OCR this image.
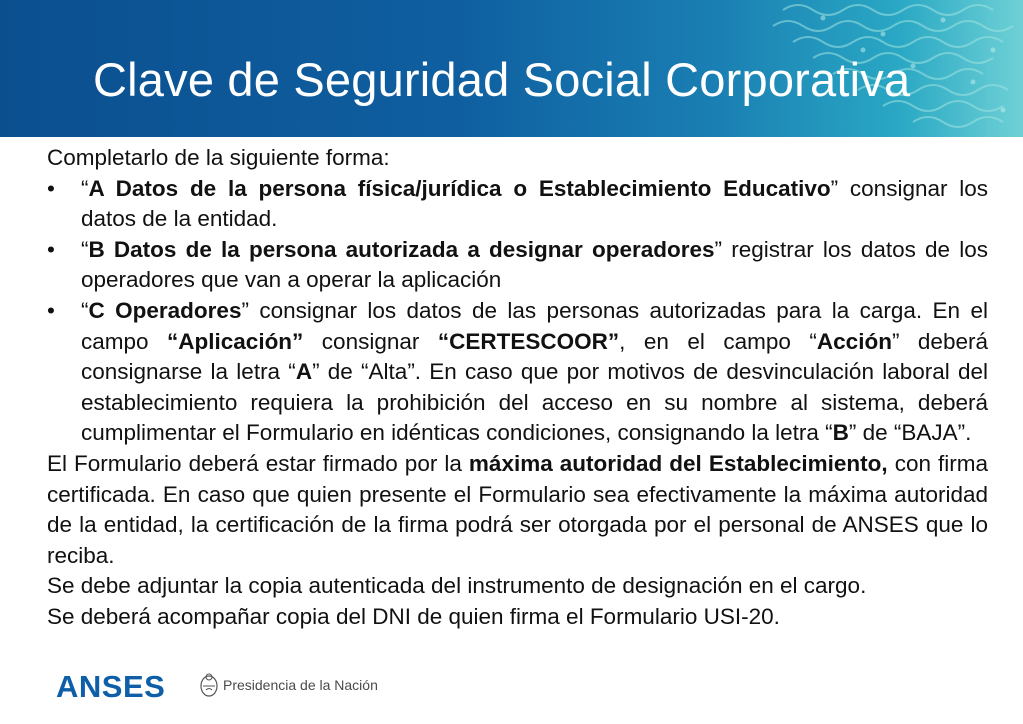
Clave de Seguridad Social Corporativa

Completarlo de la siguiente forma:

• “A Datos de la persona física/jurídica o Establecimiento Educativo” consignar los datos de la entidad.
• “B Datos de la persona autorizada a designar operadores” registrar los datos de los operadores que van a operar la aplicación
• “C Operadores” consignar los datos de las personas autorizadas para la carga. En el campo “Aplicación” consignar “CERTESCOOR”, en el campo “Acción” deberá consignarse la letra “A” de “Alta”. En caso que por motivos de desvinculación laboral del establecimiento requiera la prohibición del acceso en su nombre al sistema, deberá cumplimentar el Formulario en idénticas condiciones, consignando la letra “B” de “BAJA”.

El Formulario deberá estar firmado por la máxima autoridad del Establecimiento, con firma certificada. En caso que quien presente el Formulario sea efectivamente la máxima autoridad de la entidad, la certificación de la firma podrá ser otorgada por el personal de ANSES que lo reciba.

Se debe adjuntar la copia autenticada del instrumento de designación en el cargo.

Se deberá acompañar copia del DNI de quien firma el Formulario USI-20.

ANSES	Presidencia de la Nación
